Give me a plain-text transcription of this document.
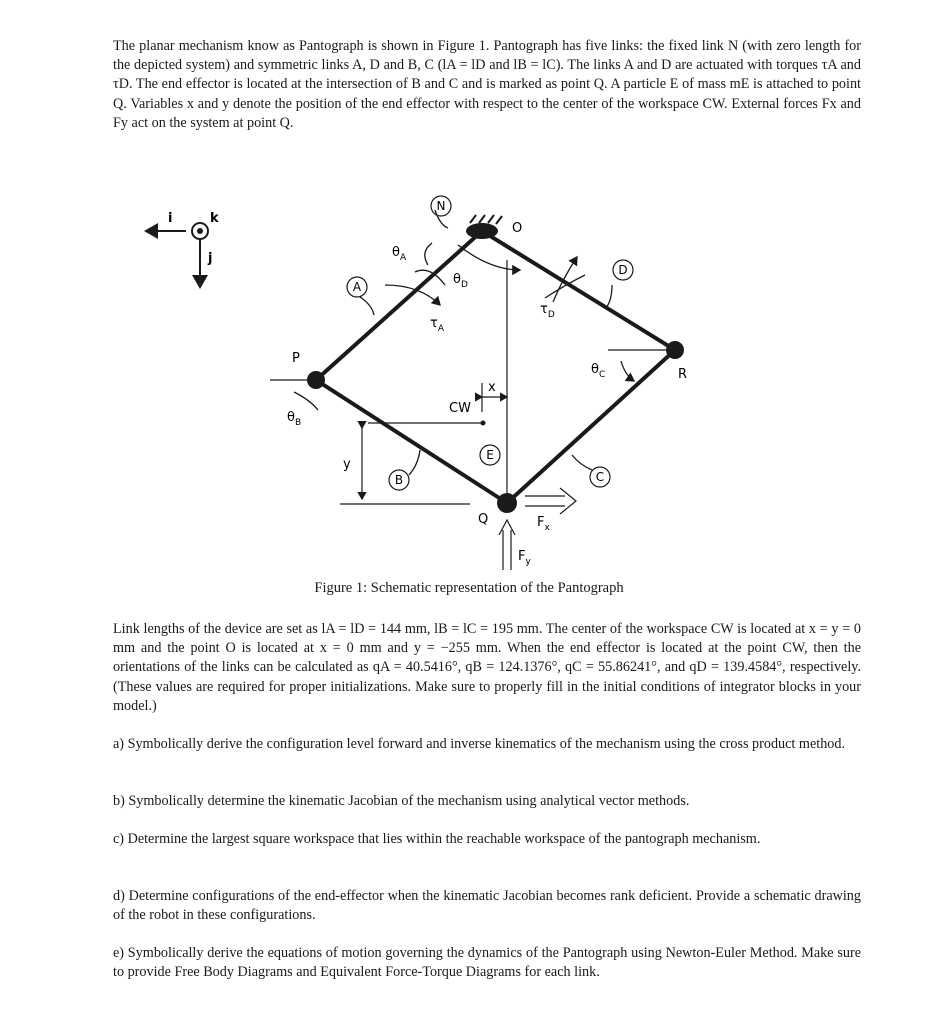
The planar mechanism know as Pantograph is shown in Figure 1. Pantograph has five links: the fixed link N (with zero length for the depicted system) and symmetric links A, D and B, C (lA = lD and lB = lC). The links A and D are actuated with torques τA and τD. The end effector is located at the intersection of B and C and is marked as point Q. A particle E of mass mE is attached to point Q. Variables x and y denote the position of the end effector with respect to the center of the workspace CW. External forces Fx and Fy act on the system at point Q.

i
j
k
N
A
D
B	C
E
P
R
Q
O
CW
y
x
$\theta_A$
$\theta_D$
$\theta_B$
$\theta_C$
$\tau_A$
$\tau_D$
$F_x$
$F_y$
Figure 1: Schematic representation of the Pantograph

Link lengths of the device are set as lA = lD = 144 mm, lB = lC = 195 mm. The center of the workspace CW is located at x = y = 0 mm and the point O is located at x = 0 mm and y = −255 mm. When the end effector is located at the point CW, then the orientations of the links can be calculated as qA = 40.5416°, qB = 124.1376°, qC = 55.86241°, and qD = 139.4584°, respectively. (These values are required for proper initializations. Make sure to properly fill in the initial conditions of integrator blocks in your model.)

a) Symbolically derive the configuration level forward and inverse kinematics of the mechanism using the cross product method.

b) Symbolically determine the kinematic Jacobian of the mechanism using analytical vector methods.

c) Determine the largest square workspace that lies within the reachable workspace of the pantograph mechanism.

d) Determine configurations of the end-effector when the kinematic Jacobian becomes rank deficient. Provide a schematic drawing of the robot in these configurations.

e) Symbolically derive the equations of motion governing the dynamics of the Pantograph using Newton-Euler Method. Make sure to provide Free Body Diagrams and Equivalent Force-Torque Diagrams for each link.
